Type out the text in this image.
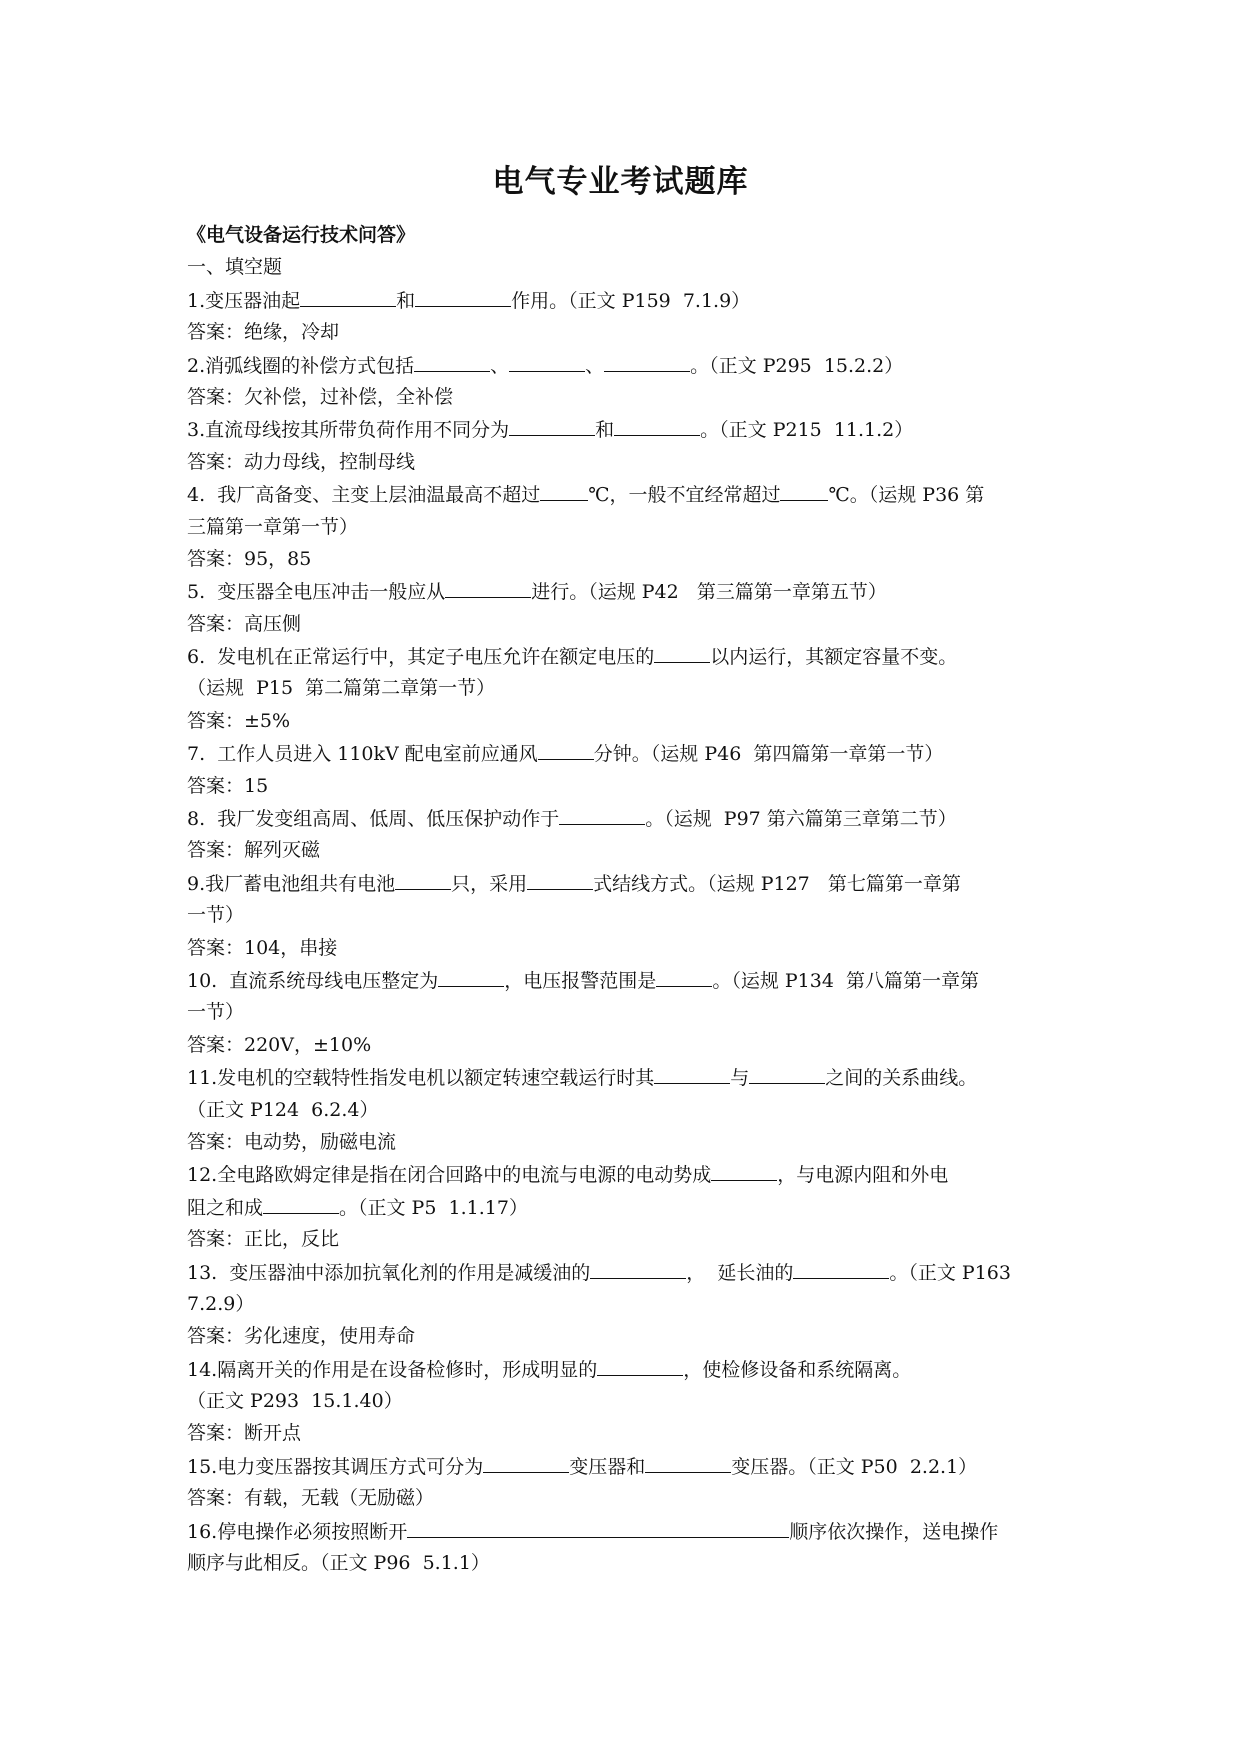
电气专业考试题库
《电气设备运行技术问答》
一、填空题
1.变压器油起	和	作用。（正文 P159  7.1.9）
答案：绝缘，冷却
2.消弧线圈的补偿方式包括	、	、	。（正文 P295  15.2.2）
答案：欠补偿，过补偿，全补偿
3.直流母线按其所带负荷作用不同分为	和	。（正文 P215  11.1.2）
答案：动力母线，控制母线
4.  我厂高备变、主变上层油温最高不超过	℃，一般不宜经常超过	℃。（运规 P36 第
三篇第一章第一节）
答案：95，85
5.  变压器全电压冲击一般应从	进行。（运规 P42   第三篇第一章第五节）
答案：高压侧
6.  发电机在正常运行中，其定子电压允许在额定电压的	以内运行，其额定容量不变。
（运规  P15  第二篇第二章第一节）
答案：±5%
7.  工作人员进入 110kV 配电室前应通风	分钟。（运规 P46  第四篇第一章第一节）
答案：15
8.  我厂发变组高周、低周、低压保护动作于	。（运规  P97 第六篇第三章第二节）
答案：解列灭磁
9.我厂蓄电池组共有电池	只，采用	式结线方式。（运规 P127   第七篇第一章第
一节）
答案：104，串接
10.  直流系统母线电压整定为	，电压报警范围是	。（运规 P134  第八篇第一章第
一节）
答案：220V，±10%
11.发电机的空载特性指发电机以额定转速空载运行时其	与	之间的关系曲线。
（正文 P124  6.2.4）
答案：电动势，励磁电流
12.全电路欧姆定律是指在闭合回路中的电流与电源的电动势成	，与电源内阻和外电
阻之和成	。（正文 P5  1.1.17）
答案：正比，反比
13.  变压器油中添加抗氧化剂的作用是减缓油的	，  延长油的	。（正文 P163
7.2.9）
答案：劣化速度，使用寿命
14.隔离开关的作用是在设备检修时，形成明显的	，使检修设备和系统隔离。
（正文 P293  15.1.40）
答案：断开点
15.电力变压器按其调压方式可分为	变压器和	变压器。（正文 P50  2.2.1）
答案：有载，无载（无励磁）
16.停电操作必须按照断开	顺序依次操作，送电操作
顺序与此相反。（正文 P96  5.1.1）
